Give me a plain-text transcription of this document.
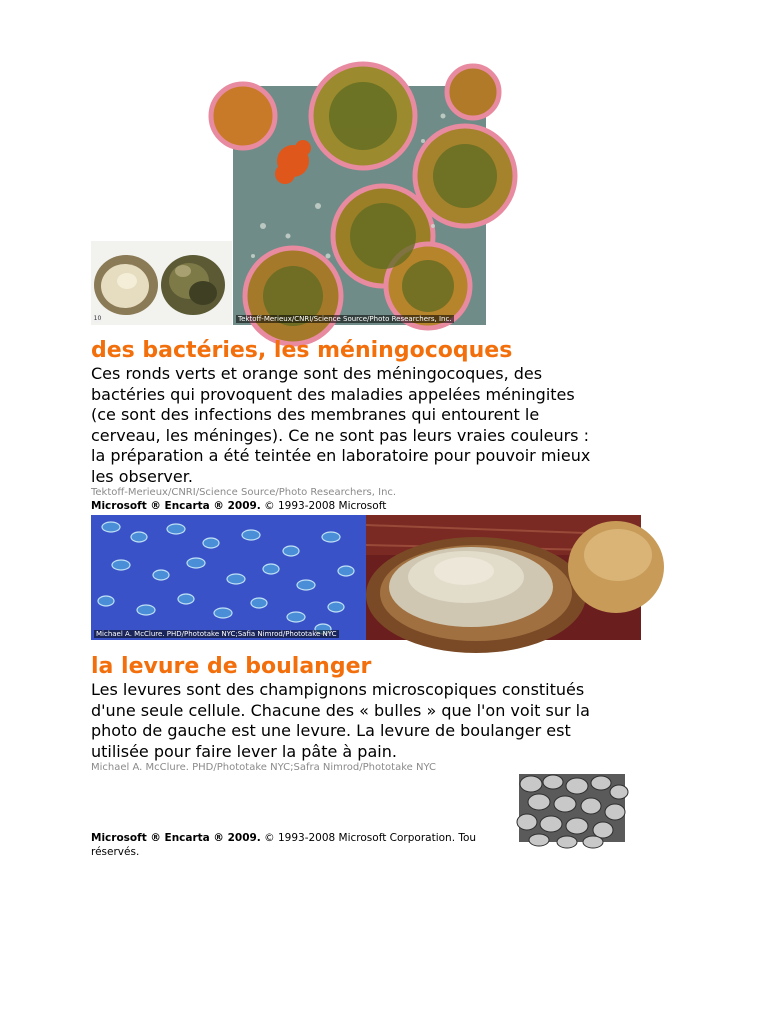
10	Tektoff-Merieux/CNRI/Science Source/Photo Researchers, Inc.
des bactéries, les méningocoques
Ces ronds verts et orange sont des méningocoques, des
bactéries qui provoquent des maladies appelées méningites
(ce sont des infections des membranes qui entourent le
cerveau, les méninges). Ce ne sont pas leurs vraies couleurs :
la préparation a été teintée en laboratoire pour pouvoir mieux
les observer.
Tektoff-Merieux/CNRI/Science Source/Photo Researchers, Inc.
Microsoft ® Encarta ® 2009. © 1993-2008 Microsoft
Michael A. McClure. PHD/Phototake NYC;Safia Nimrod/Phototake NYC
la levure de boulanger
Les levures sont des champignons microscopiques constitués
d'une seule cellule. Chacune des « bulles » que l'on voit sur la
photo de gauche est une levure. La levure de boulanger est
utilisée pour faire lever la pâte à pain.
Michael A. McClure. PHD/Phototake NYC;Safra Nimrod/Phototake NYC
Microsoft ® Encarta ® 2009. © 1993-2008 Microsoft Corporation. Tou
réservés.
